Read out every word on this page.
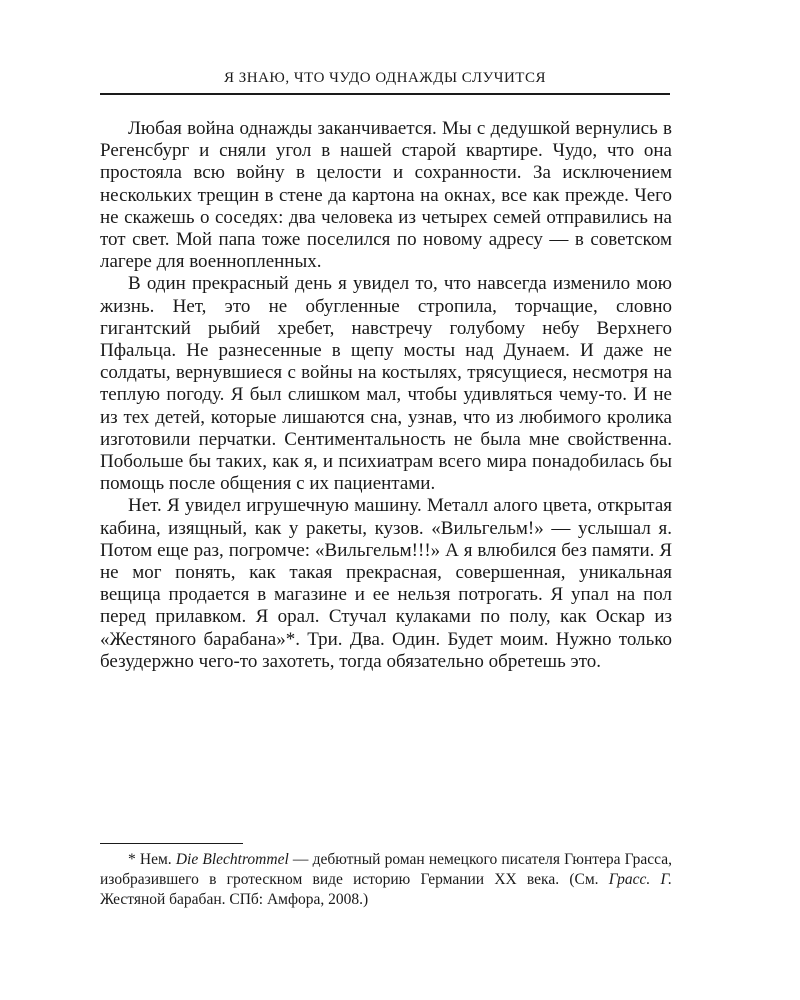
Я ЗНАЮ, ЧТО ЧУДО ОДНАЖДЫ СЛУЧИТСЯ

Любая война однажды заканчивается. Мы с дедушкой вернулись в Регенсбург и сняли угол в нашей старой квартире. Чудо, что она простояла всю войну в целости и сохранности. За исключением нескольких трещин в стене да картона на окнах, все как прежде. Чего не скажешь о соседях: два человека из четырех семей отправились на тот свет. Мой папа тоже поселился по новому адресу — в советском лагере для военнопленных.

В один прекрасный день я увидел то, что навсегда изменило мою жизнь. Нет, это не обугленные стропила, торчащие, словно гигантский рыбий хребет, навстречу голубому небу Верхнего Пфальца. Не разнесенные в щепу мосты над Дунаем. И даже не солдаты, вернувшиеся с войны на костылях, трясущиеся, несмотря на теплую погоду. Я был слишком мал, чтобы удивляться чему-то. И не из тех детей, которые лишаются сна, узнав, что из любимого кролика изготовили перчатки. Сентиментальность не была мне свойственна. Побольше бы таких, как я, и психиатрам всего мира понадобилась бы помощь после общения с их пациентами.

Нет. Я увидел игрушечную машину. Металл алого цвета, открытая кабина, изящный, как у ракеты, кузов. «Вильгельм!» — услышал я. Потом еще раз, погромче: «Вильгельм!!!» А я влюбился без памяти. Я не мог понять, как такая прекрасная, совершенная, уникальная вещица продается в магазине и ее нельзя потрогать. Я упал на пол перед прилавком. Я орал. Стучал кулаками по полу, как Оскар из «Жестяного барабана»*. Три. Два. Один. Будет моим. Нужно только безудержно чего-то захотеть, тогда обязательно обретешь это.

* Нем. Die Blechtrommel — дебютный роман немецкого писателя Гюнтера Грасса, изобразившего в гротескном виде историю Германии XX века. (См. Грасс. Г. Жестяной барабан. СПб: Амфора, 2008.)
